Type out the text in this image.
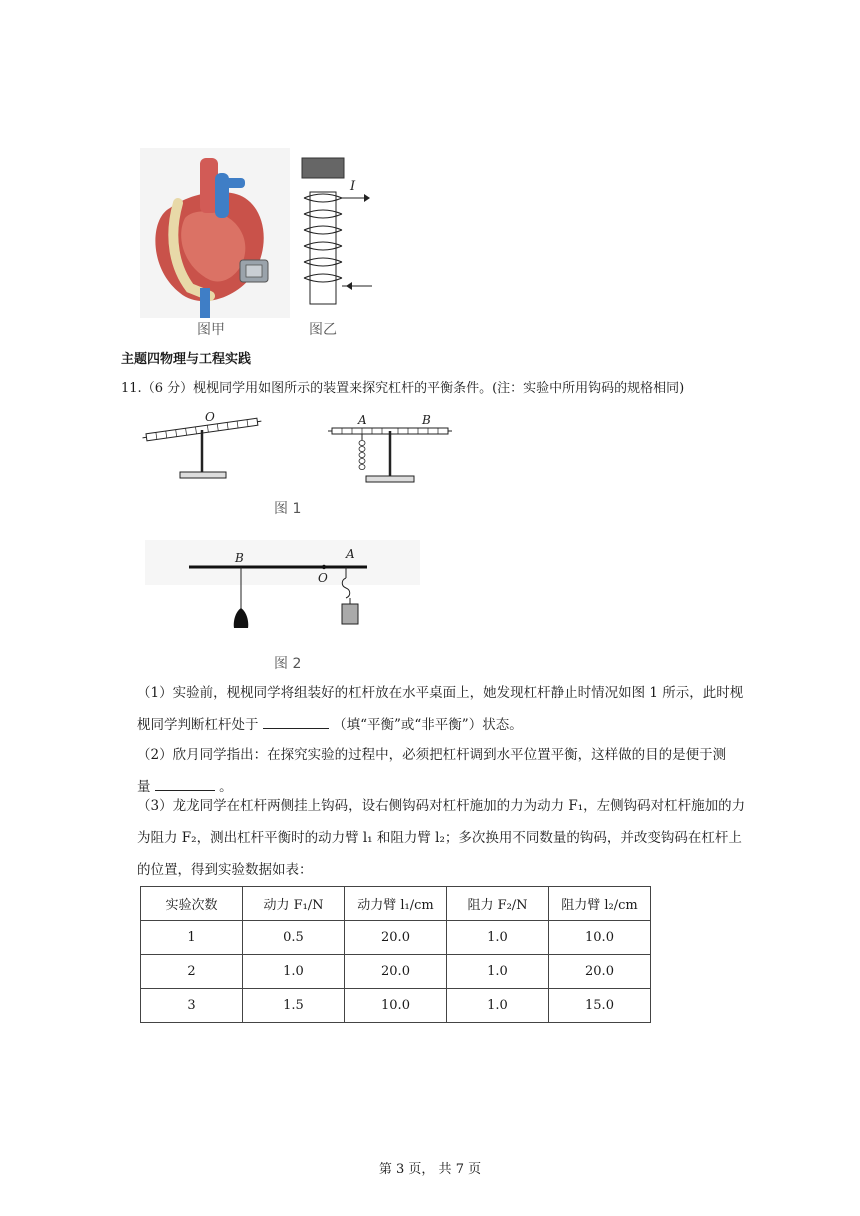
图甲
I
图乙
主题四物理与工程实践
11.（6 分）枧枧同学用如图所示的装置来探究杠杆的平衡条件。(注：实验中所用钩码的规格相同)
O	A	B
图 1
B
O
A
图 2
（1）实验前，枧枧同学将组装好的杠杆放在水平桌面上，她发现杠杆静止时情况如图 1 所示，此时枧
枧同学判断杠杆处于	（填“平衡”或“非平衡”）状态。
（2）欣月同学指出：在探究实验的过程中，必须把杠杆调到水平位置平衡，这样做的目的是便于测
量	。
（3）龙龙同学在杠杆两侧挂上钩码，设右侧钩码对杠杆施加的力为动力 F₁，左侧钩码对杠杆施加的力
为阻力 F₂，测出杠杆平衡时的动力臂 l₁ 和阻力臂 l₂；多次换用不同数量的钩码，并改变钩码在杠杆上
的位置，得到实验数据如表：
实验次数	动力 F₁/N	动力臂 l₁/cm	阻力 F₂/N	阻力臂 l₂/cm
1	0.5	20.0	1.0	10.0
2	1.0	20.0	1.0	20.0
3	1.5	10.0	1.0	15.0
第 3 页， 共 7 页
